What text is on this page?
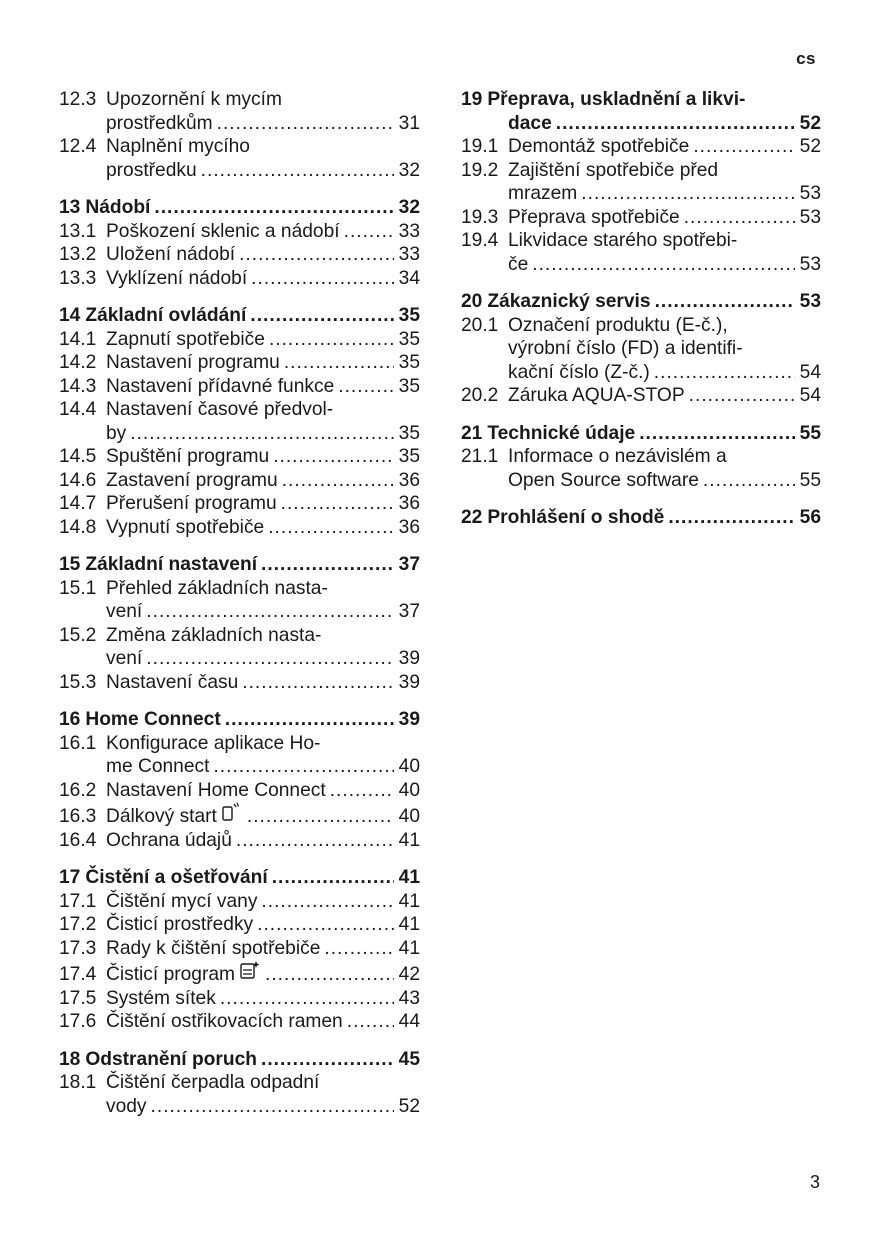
cs
12.3 Upozornění k mycím
prostředkům .....	31
12.4 Naplnění mycího
prostředku .....	32
13 Nádobí .....	32
13.1 Poškození sklenic a nádobí .....	33
13.2 Uložení nádobí .....	33
13.3 Vyklízení nádobí .....	34
14 Základní ovládání .....	35
14.1 Zapnutí spotřebiče .....	35
14.2 Nastavení programu .....	35
14.3 Nastavení přídavné funkce .....	35
14.4 Nastavení časové předvol-
by .....	35
14.5 Spuštění programu .....	35
14.6 Zastavení programu .....	36
14.7 Přerušení programu .....	36
14.8 Vypnutí spotřebiče .....	36
15 Základní nastavení .....	37
15.1 Přehled základních nasta-
vení .....	37
15.2 Změna základních nasta-
vení .....	39
15.3 Nastavení času .....	39
16 Home Connect .....	39
16.1 Konfigurace aplikace Ho-
me Connect .....	40
16.2 Nastavení Home Connect .....	40
16.3 Dálkový start .....	40
16.4 Ochrana údajů .....	41
17 Čistění a ošetřování .....	41
17.1 Čištění mycí vany .....	41
17.2 Čisticí prostředky .....	41
17.3 Rady k čištění spotřebiče .....	41
17.4 Čisticí program .....	42
17.5 Systém sítek .....	43
17.6 Čištění ostřikovacích ramen .....	44
18 Odstranění poruch .....	45
18.1 Čištění čerpadla odpadní
vody .....	52
19 Přeprava, uskladnění a likvi-
dace .....	52
19.1 Demontáž spotřebiče .....	52
19.2 Zajištění spotřebiče před
mrazem .....	53
19.3 Přeprava spotřebiče .....	53
19.4 Likvidace starého spotřebi-
če .....	53
20 Zákaznický servis .....	53
20.1 Označení produktu (E-č.),
výrobní číslo (FD) a identifi-
kační číslo (Z-č.) .....	54
20.2 Záruka AQUA-STOP .....	54
21 Technické údaje .....	55
21.1 Informace o nezávislém a
Open Source software .....	55
22 Prohlášení o shodě .....	56
3
